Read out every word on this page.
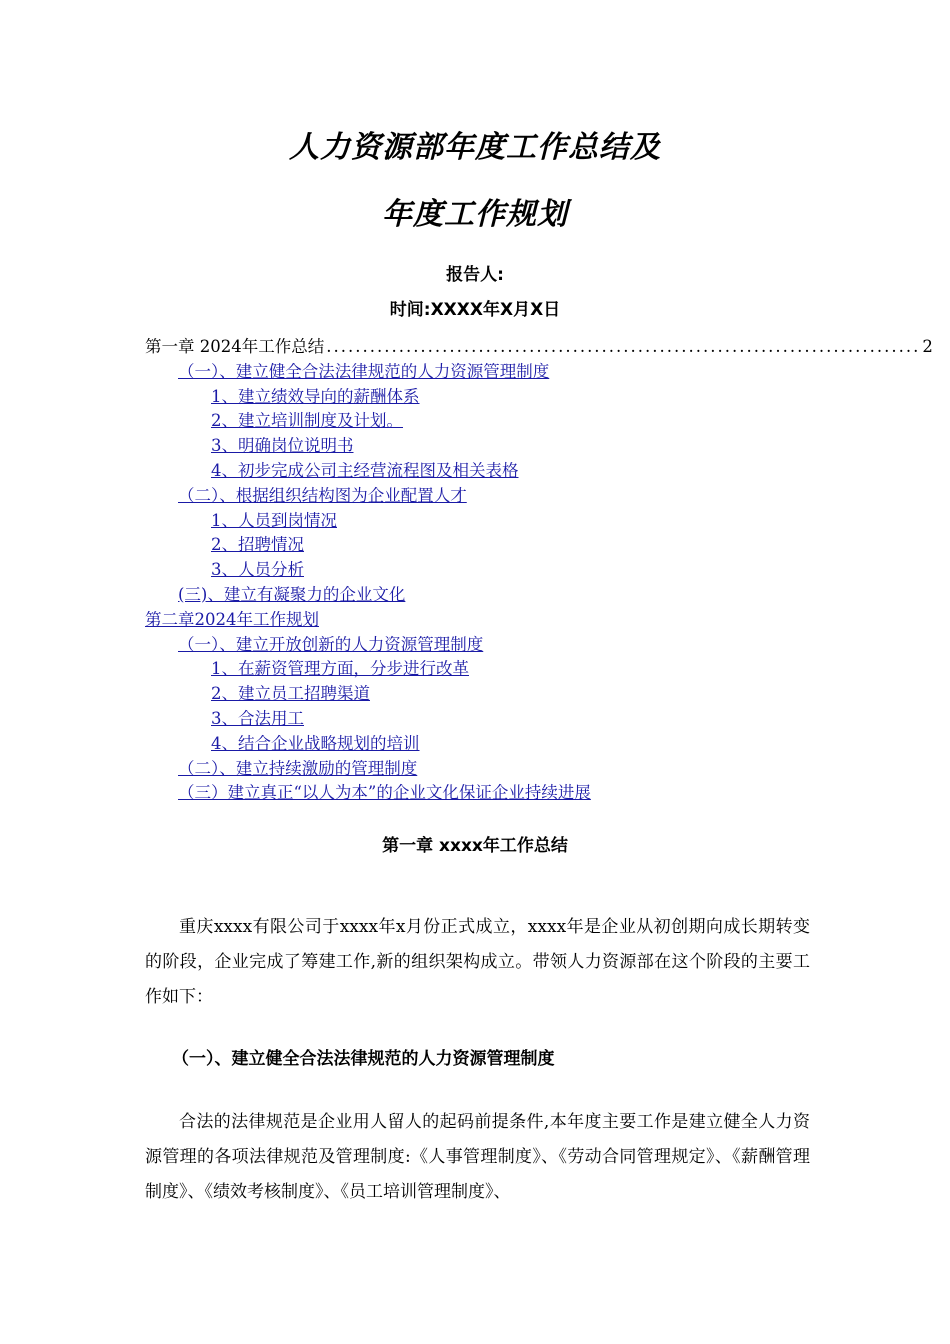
人力资源部年度工作总结及
年度工作规划
报告人:
时间:XXXX年X月X日
第一章 2024年工作总结 .................................................................................. 2
（一）、建立健全合法法律规范的人力资源管理制度
1、建立绩效导向的薪酬体系
2、建立培训制度及计划。
3、明确岗位说明书
4、初步完成公司主经营流程图及相关表格
（二）、根据组织结构图为企业配置人才
1、人员到岗情况
2、招聘情况
3、人员分析
(三)、建立有凝聚力的企业文化
第二章2024年工作规划
（一）、建立开放创新的人力资源管理制度
1、在薪资管理方面，分步进行改革
2、建立员工招聘渠道
3、合法用工
4、结合企业战略规划的培训
（二）、建立持续激励的管理制度
（三）建立真正“以人为本”的企业文化保证企业持续进展
第一章 xxxx年工作总结
重庆xxxx有限公司于xxxx年x月份正式成立，xxxx年是企业从初创期向成长期转变的阶段，企业完成了筹建工作,新的组织架构成立。带领人力资源部在这个阶段的主要工作如下：
（一）、建立健全合法法律规范的人力资源管理制度
合法的法律规范是企业用人留人的起码前提条件,本年度主要工作是建立健全人力资源管理的各项法律规范及管理制度:《人事管理制度》、《劳动合同管理规定》、《薪酬管理制度》、《绩效考核制度》、《员工培训管理制度》、
